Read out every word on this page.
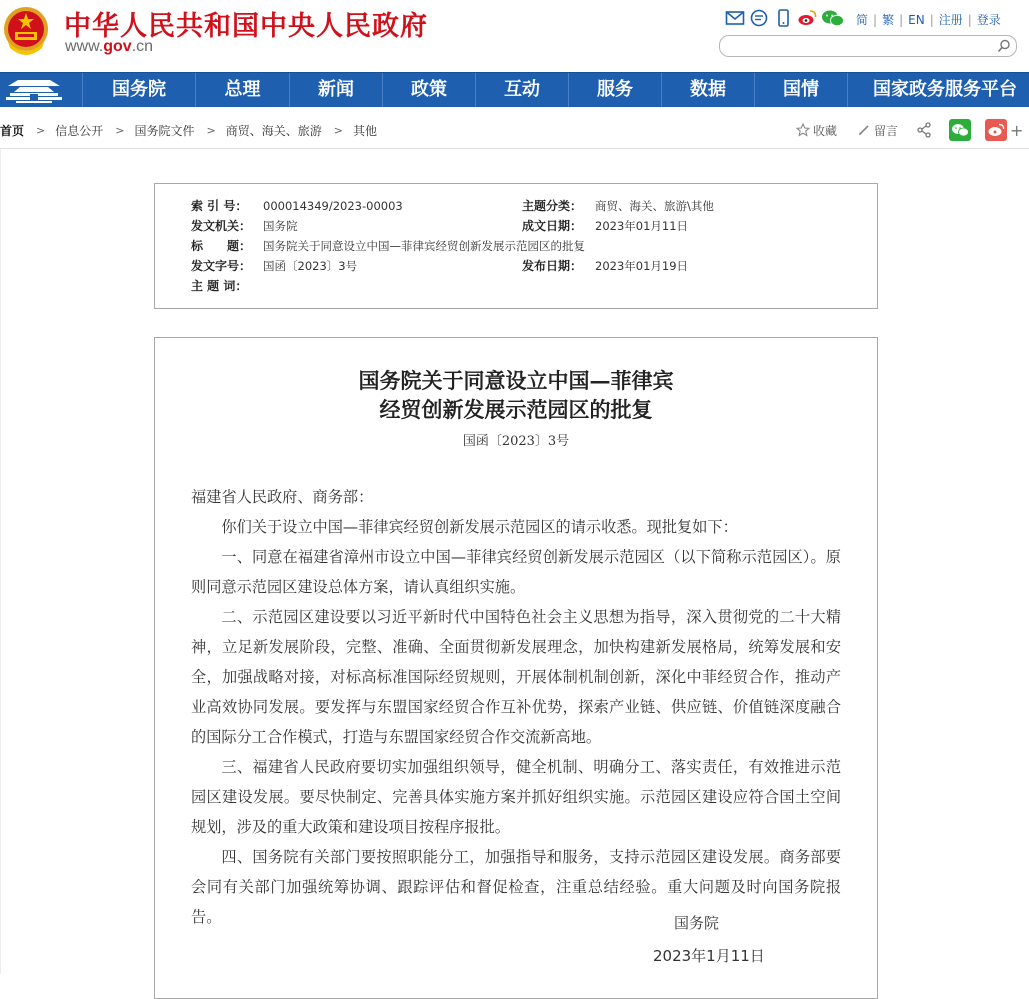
中华人民共和国中央人民政府
www.gov.cn
简 | 繁 | EN | 注册 | 登录
国务院	总理	新闻	政策	互动	服务	数据	国情	国家政务服务平台
首页 > 信息公开 > 国务院文件 > 商贸、海关、旅游 > 其他	收藏	留言	+
索 引 号： 000014349/2023-00003	主题分类： 商贸、海关、旅游\其他
发文机关： 国务院	成文日期： 2023年01月11日
标　　题： 国务院关于同意设立中国—菲律宾经贸创新发展示范园区的批复
发文字号： 国函〔2023〕3号	发布日期： 2023年01月19日
主 题 词：
国务院关于同意设立中国—菲律宾
经贸创新发展示范园区的批复
国函〔2023〕3号

福建省人民政府、商务部：

你们关于设立中国—菲律宾经贸创新发展示范园区的请示收悉。现批复如下：

一、同意在福建省漳州市设立中国—菲律宾经贸创新发展示范园区（以下简称示范园区）。原则同意示范园区建设总体方案，请认真组织实施。

二、示范园区建设要以习近平新时代中国特色社会主义思想为指导，深入贯彻党的二十大精神，立足新发展阶段，完整、准确、全面贯彻新发展理念，加快构建新发展格局，统筹发展和安全，加强战略对接，对标高标准国际经贸规则，开展体制机制创新，深化中菲经贸合作，推动产业高效协同发展。要发挥与东盟国家经贸合作互补优势，探索产业链、供应链、价值链深度融合的国际分工合作模式，打造与东盟国家经贸合作交流新高地。

三、福建省人民政府要切实加强组织领导，健全机制、明确分工、落实责任，有效推进示范园区建设发展。要尽快制定、完善具体实施方案并抓好组织实施。示范园区建设应符合国土空间规划，涉及的重大政策和建设项目按程序报批。

四、国务院有关部门要按照职能分工，加强指导和服务，支持示范园区建设发展。商务部要会同有关部门加强统筹协调、跟踪评估和督促检查，注重总结经验。重大问题及时向国务院报告。	国务院
2023年1月11日
